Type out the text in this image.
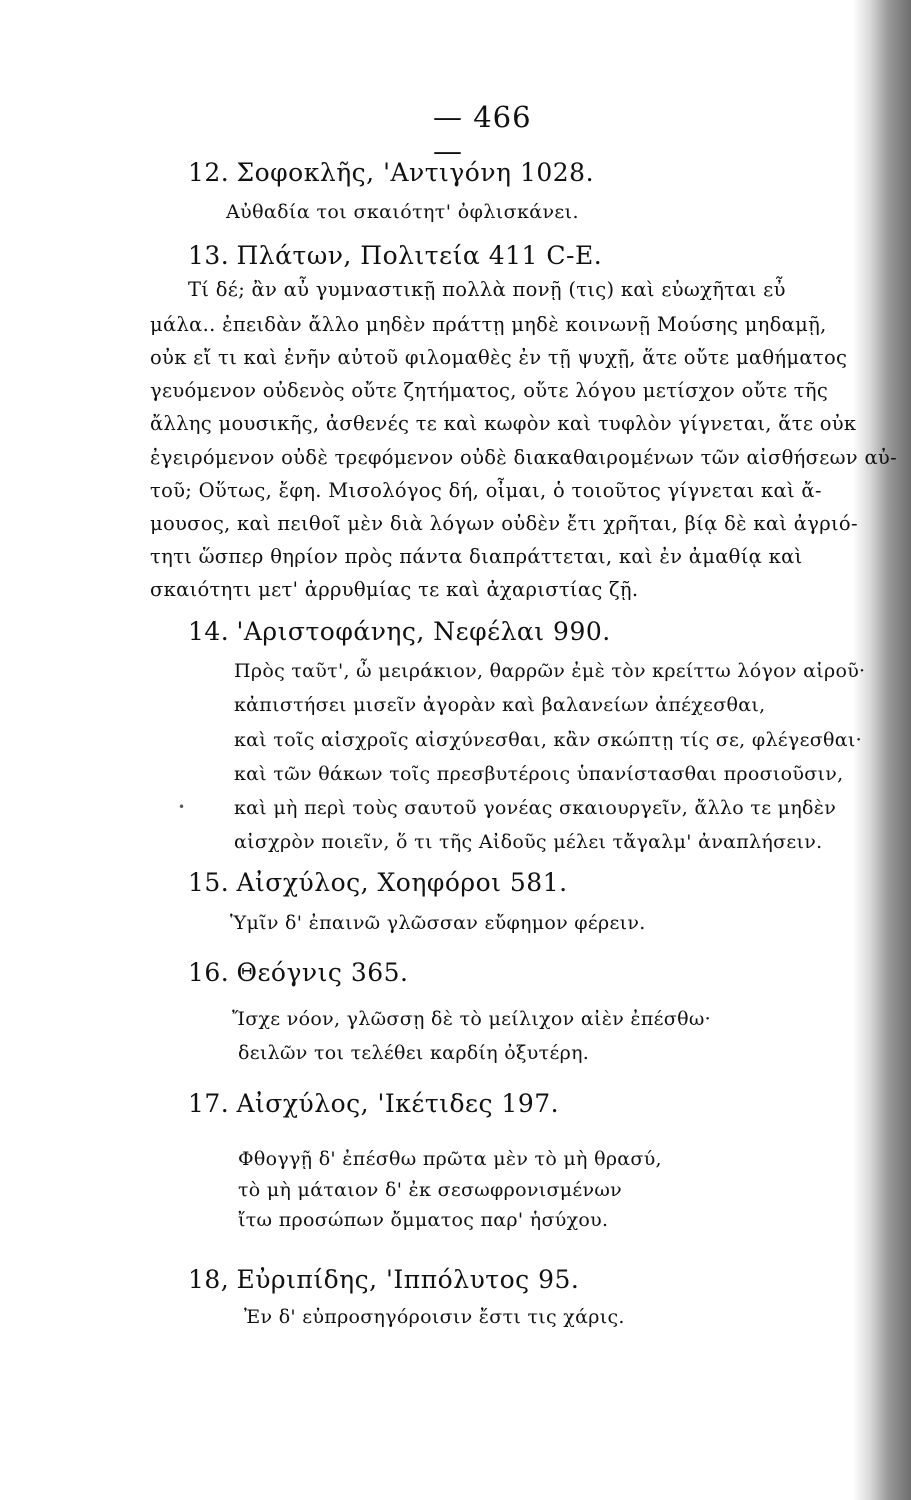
— 466 —
12. Σοφοκλῆς, 'Αντιγόνη 1028.
Αὐθαδία τοι σκαιότητ' ὀφλισκάνει.
13. Πλάτων, Πολιτεία 411 C-E.
Τί δέ; ἂν αὖ γυμναστικῇ πολλὰ πονῇ (τις) καὶ εὐωχῆται εὖ
μάλα.. ἐπειδὰν ἄλλο μηδὲν πράττῃ μηδὲ κοινωνῇ Μούσης μηδαμῇ,
οὐκ εἴ τι καὶ ἐνῆν αὐτοῦ φιλομαθὲς ἐν τῇ ψυχῇ, ἅτε οὔτε μαθήματος
γευόμενον οὐδενὸς οὔτε ζητήματος, οὔτε λόγου μετίσχον οὔτε τῆς
ἄλλης μουσικῆς, ἀσθενές τε καὶ κωφὸν καὶ τυφλὸν γίγνεται, ἅτε οὐκ
ἐγειρόμενον οὐδὲ τρεφόμενον οὐδὲ διακαθαιρομένων τῶν αἰσθήσεων αὐ-
τοῦ; Οὕτως, ἔφη. Μισολόγος δή, οἶμαι, ὁ τοιοῦτος γίγνεται καὶ ἄ-
μουσος, καὶ πειθοῖ μὲν διὰ λόγων οὐδὲν ἔτι χρῆται, βίᾳ δὲ καὶ ἀγριό-
τητι ὥσπερ θηρίον πρὸς πάντα διαπράττεται, καὶ ἐν ἀμαθίᾳ καὶ
σκαιότητι μετ' ἀρρυθμίας τε καὶ ἀχαριστίας ζῇ.
14. 'Αριστοφάνης, Νεφέλαι 990.
Πρὸς ταῦτ', ὦ μειράκιον, θαρρῶν ἐμὲ τὸν κρείττω λόγον αἱροῦ·
κἀπιστήσει μισεῖν ἀγορὰν καὶ βαλανείων ἀπέχεσθαι,
καὶ τοῖς αἰσχροῖς αἰσχύνεσθαι, κἂν σκώπτῃ τίς σε, φλέγεσθαι·
καὶ τῶν θάκων τοῖς πρεσβυτέροις ὑπανίστασθαι προσιοῦσιν,
•	καὶ μὴ περὶ τοὺς σαυτοῦ γονέας σκαιουργεῖν, ἄλλο τε μηδὲν
αἰσχρὸν ποιεῖν, ὅ τι τῆς Αἰδοῦς μέλει τἄγαλμ' ἀναπλήσειν.
15. Αἰσχύλος, Χοηφόροι 581.
Ὑμῖν δ' ἐπαινῶ γλῶσσαν εὔφημον φέρειν.
16. Θεόγνις 365.
Ἴσχε νόον, γλῶσσῃ δὲ τὸ μείλιχον αἰὲν ἐπέσθω·
δειλῶν τοι τελέθει καρδίη ὀξυτέρη.
17. Αἰσχύλος, 'Ικέτιδες 197.
Φθογγῇ δ' ἐπέσθω πρῶτα μὲν τὸ μὴ θρασύ,
τὸ μὴ μάταιον δ' ἐκ σεσωφρονισμένων
ἴτω προσώπων ὄμματος παρ' ἡσύχου.
18, Εὐριπίδης, 'Ιππόλυτος 95.
Ἐν δ' εὐπροσηγόροισιν ἔστι τις χάρις.
